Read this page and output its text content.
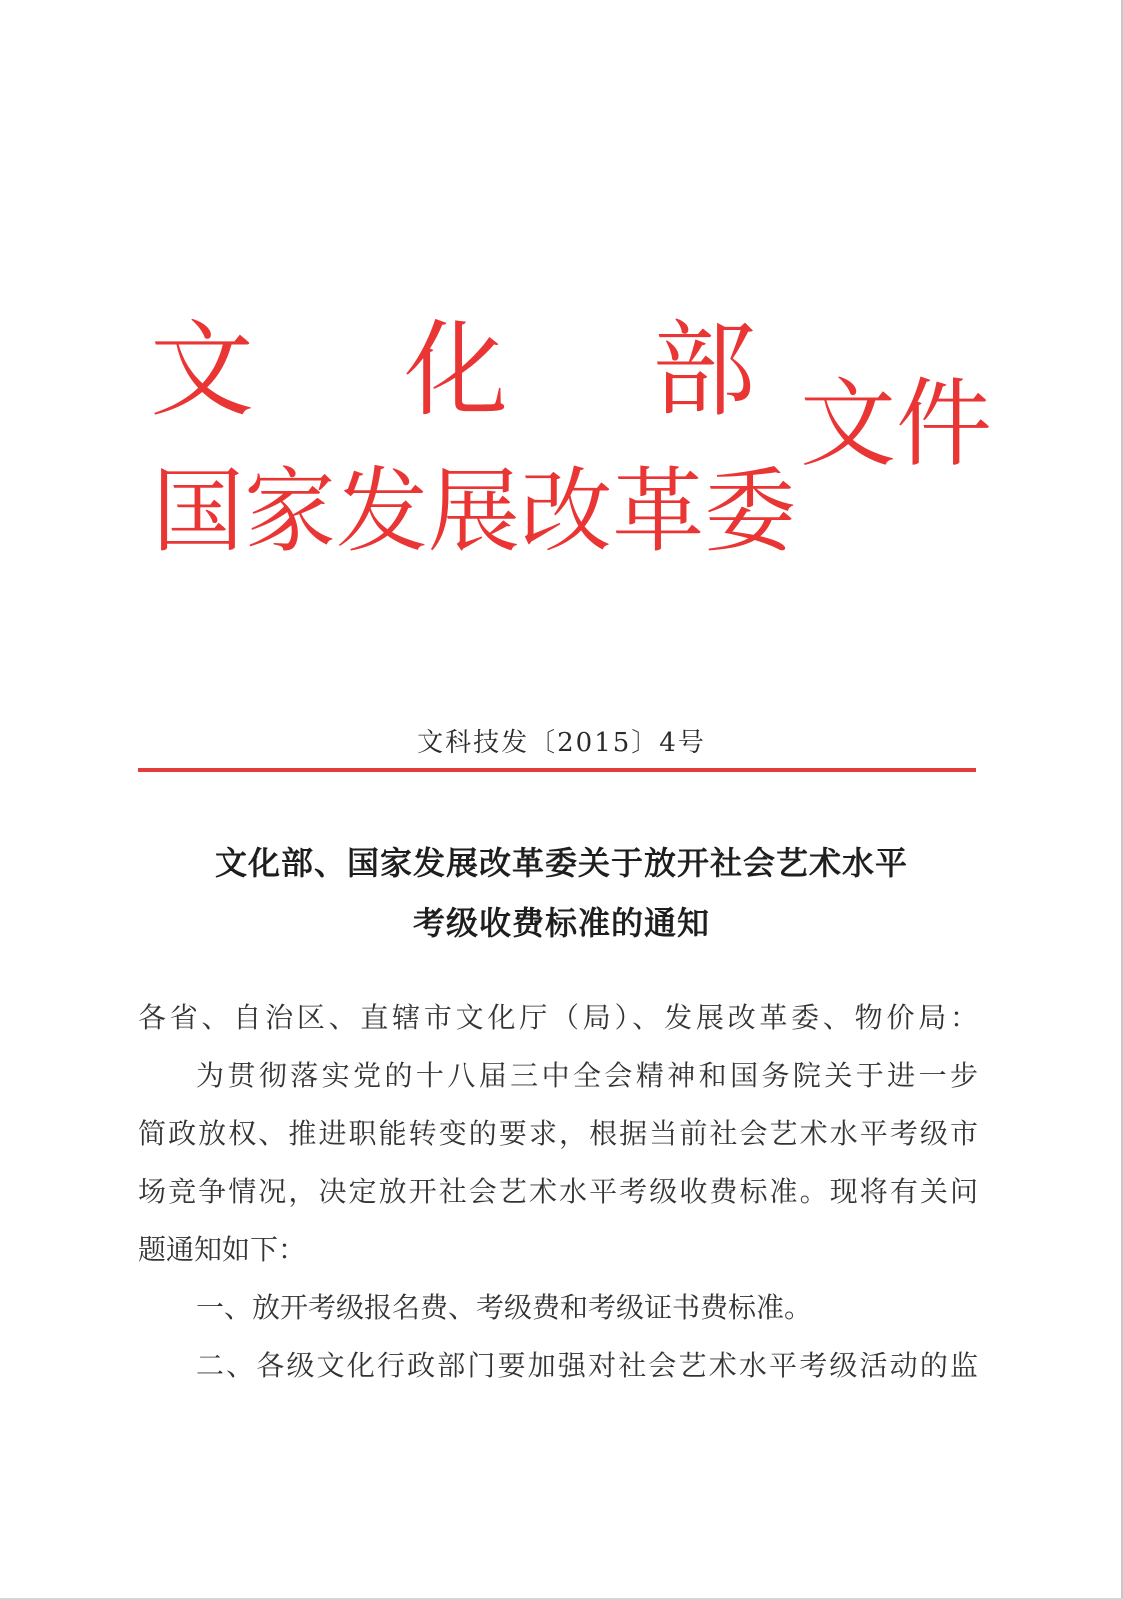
文 化 部
国 家 发 展 改 革 委
文件
文科技发〔2015〕4号
文化部、国家发展改革委关于放开社会艺术水平
考级收费标准的通知
各省、自治区、直辖市文化厅（局）、发展改革委、物价局：
为贯彻落实党的十八届三中全会精神和国务院关于进一步
简政放权、推进职能转变的要求，根据当前社会艺术水平考级市
场竞争情况，决定放开社会艺术水平考级收费标准。现将有关问
题通知如下：
一、放开考级报名费、考级费和考级证书费标准。
二、各级文化行政部门要加强对社会艺术水平考级活动的监
